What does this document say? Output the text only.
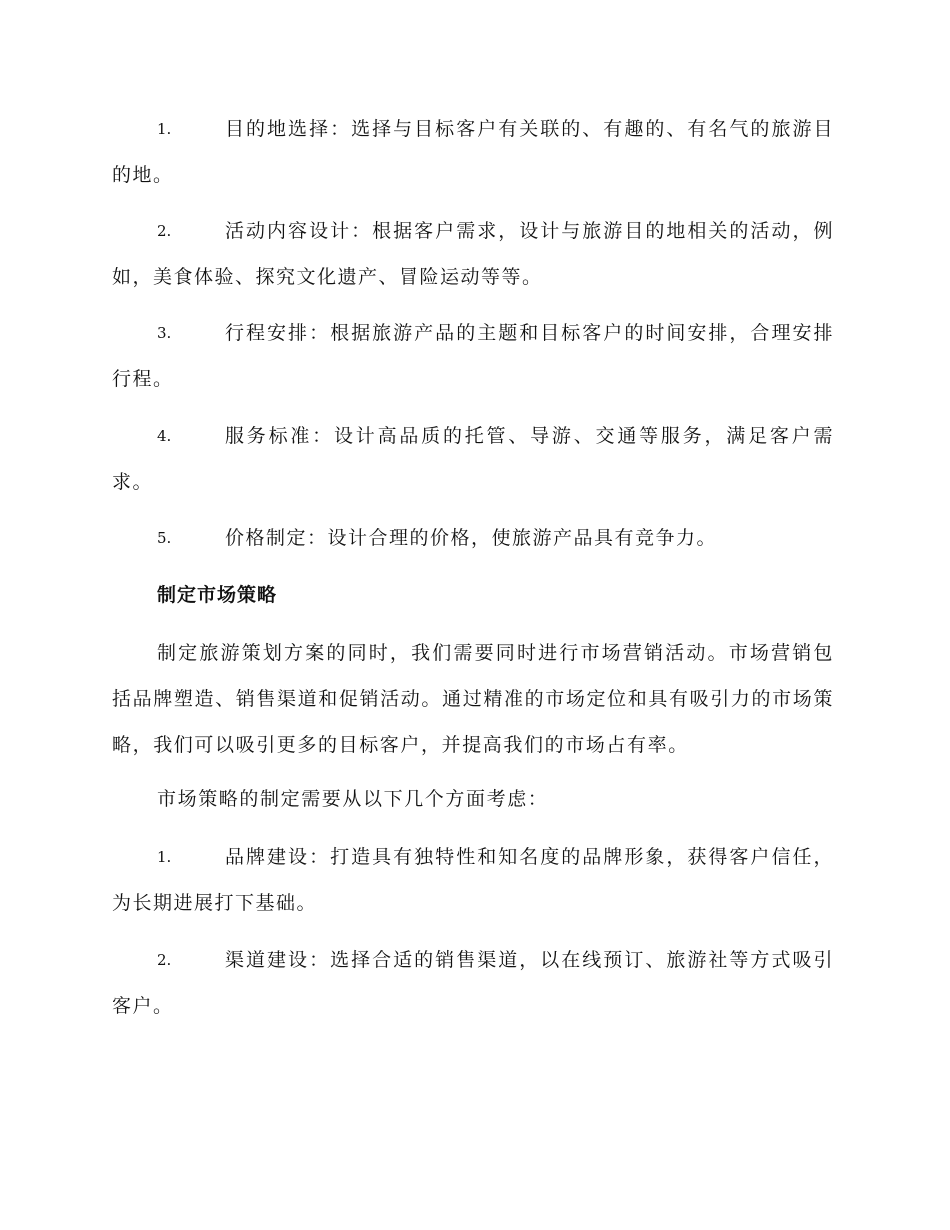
1.	目的地选择：选择与目标客户有关联的、有趣的、有名气的旅游目的地。
2.	活动内容设计：根据客户需求，设计与旅游目的地相关的活动，例如，美食体验、探究文化遗产、冒险运动等等。
3.	行程安排：根据旅游产品的主题和目标客户的时间安排，合理安排行程。
4.	服务标准：设计高品质的托管、导游、交通等服务，满足客户需求。
5.	价格制定：设计合理的价格，使旅游产品具有竞争力。
制定市场策略
制定旅游策划方案的同时，我们需要同时进行市场营销活动。市场营销包括品牌塑造、销售渠道和促销活动。通过精准的市场定位和具有吸引力的市场策略，我们可以吸引更多的目标客户，并提高我们的市场占有率。
市场策略的制定需要从以下几个方面考虑：
1.	品牌建设：打造具有独特性和知名度的品牌形象，获得客户信任，为长期进展打下基础。
2.	渠道建设：选择合适的销售渠道，以在线预订、旅游社等方式吸引客户。
